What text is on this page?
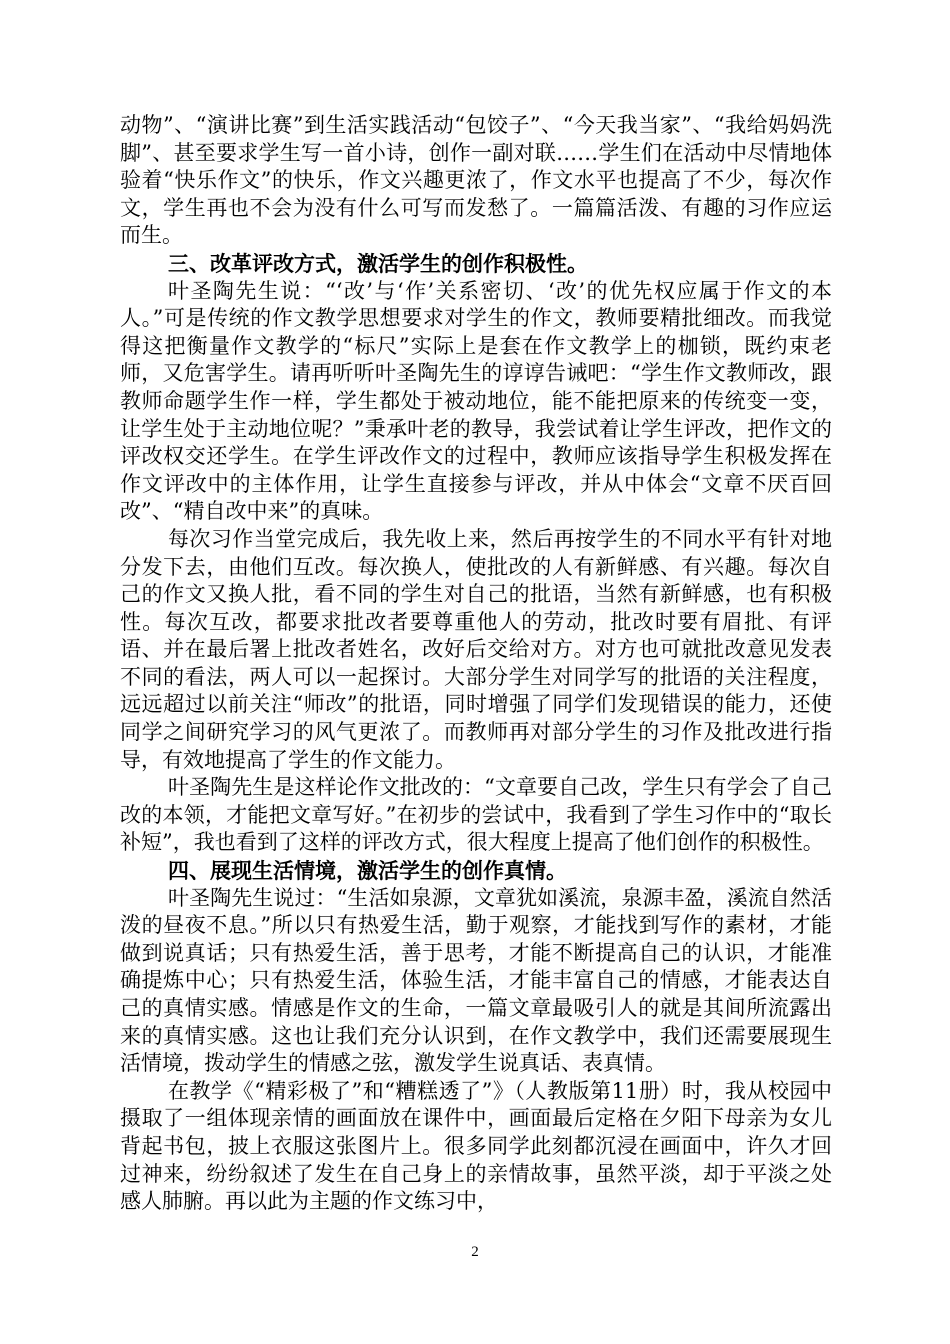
动物”、“演讲比赛”到生活实践活动“包饺子”、“今天我当家”、“我给妈妈洗脚”、甚至要求学生写一首小诗，创作一副对联……学生们在活动中尽情地体验着“快乐作文”的快乐，作文兴趣更浓了，作文水平也提高了不少，每次作文，学生再也不会为没有什么可写而发愁了。一篇篇活泼、有趣的习作应运而生。

三、改革评改方式，激活学生的创作积极性。

叶圣陶先生说：“‘改’与‘作’关系密切、‘改’的优先权应属于作文的本人。”可是传统的作文教学思想要求对学生的作文，教师要精批细改。而我觉得这把衡量作文教学的“标尺”实际上是套在作文教学上的枷锁，既约束老师，又危害学生。请再听听叶圣陶先生的谆谆告诫吧：“学生作文教师改，跟教师命题学生作一样，学生都处于被动地位，能不能把原来的传统变一变，让学生处于主动地位呢？”秉承叶老的教导，我尝试着让学生评改，把作文的评改权交还学生。在学生评改作文的过程中，教师应该指导学生积极发挥在作文评改中的主体作用，让学生直接参与评改，并从中体会“文章不厌百回改”、“精自改中来”的真味。

每次习作当堂完成后，我先收上来，然后再按学生的不同水平有针对地分发下去，由他们互改。每次换人，使批改的人有新鲜感、有兴趣。每次自己的作文又换人批，看不同的学生对自己的批语，当然有新鲜感，也有积极性。每次互改，都要求批改者要尊重他人的劳动，批改时要有眉批、有评语、并在最后署上批改者姓名，改好后交给对方。对方也可就批改意见发表不同的看法，两人可以一起探讨。大部分学生对同学写的批语的关注程度，远远超过以前关注“师改”的批语，同时增强了同学们发现错误的能力，还使同学之间研究学习的风气更浓了。而教师再对部分学生的习作及批改进行指导，有效地提高了学生的作文能力。

叶圣陶先生是这样论作文批改的：“文章要自己改，学生只有学会了自己改的本领，才能把文章写好。”在初步的尝试中，我看到了学生习作中的“取长补短”，我也看到了这样的评改方式，很大程度上提高了他们创作的积极性。

四、展现生活情境，激活学生的创作真情。

叶圣陶先生说过：“生活如泉源，文章犹如溪流，泉源丰盈，溪流自然活泼的昼夜不息。”所以只有热爱生活，勤于观察，才能找到写作的素材，才能做到说真话；只有热爱生活，善于思考，才能不断提高自己的认识，才能准确提炼中心；只有热爱生活，体验生活，才能丰富自己的情感，才能表达自己的真情实感。情感是作文的生命，一篇文章最吸引人的就是其间所流露出来的真情实感。这也让我们充分认识到，在作文教学中，我们还需要展现生活情境，拨动学生的情感之弦，激发学生说真话、表真情。

在教学《“精彩极了”和“糟糕透了”》（人教版第11册）时，我从校园中摄取了一组体现亲情的画面放在课件中，画面最后定格在夕阳下母亲为女儿背起书包，披上衣服这张图片上。很多同学此刻都沉浸在画面中，许久才回过神来，纷纷叙述了发生在自己身上的亲情故事，虽然平淡，却于平淡之处感人肺腑。再以此为主题的作文练习中，

2
